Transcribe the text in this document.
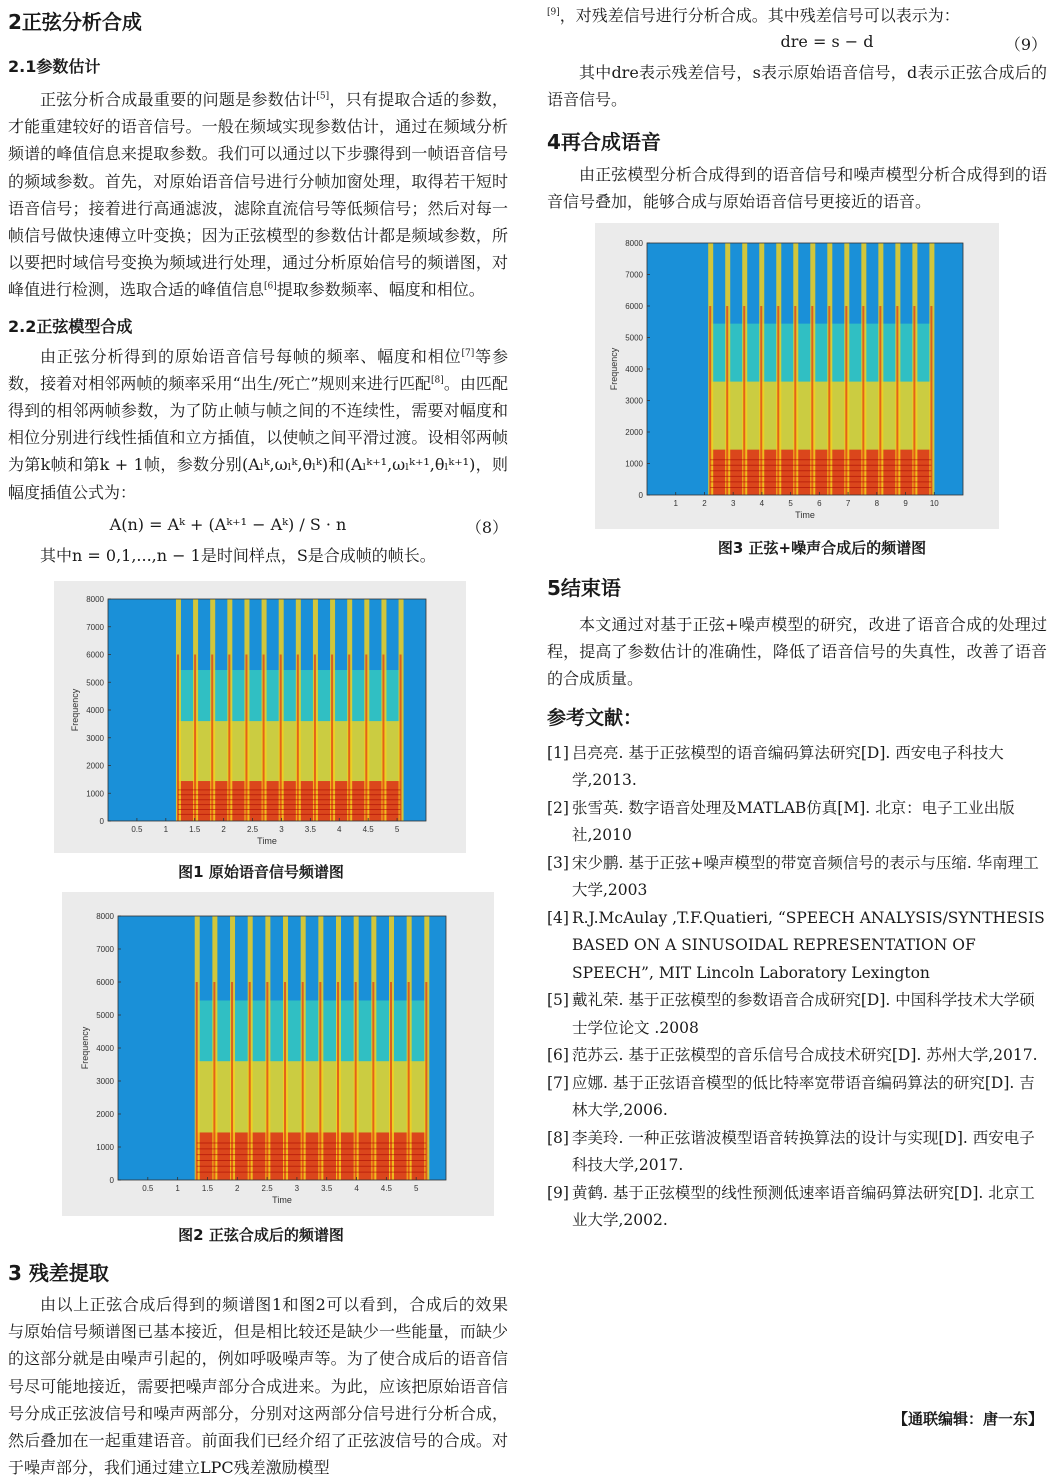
2正弦分析合成
2.1参数估计

正弦分析合成最重要的问题是参数估计[5]，只有提取合适的参数，才能重建较好的语音信号。一般在频域实现参数估计，通过在频域分析频谱的峰值信息来提取参数。我们可以通过以下步骤得到一帧语音信号的频域参数。首先，对原始语音信号进行分帧加窗处理，取得若干短时语音信号；接着进行高通滤波，滤除直流信号等低频信号；然后对每一帧信号做快速傅立叶变换；因为正弦模型的参数估计都是频域参数，所以要把时域信号变换为频域进行处理，通过分析原始信号的频谱图，对峰值进行检测，选取合适的峰值信息[6]提取参数频率、幅度和相位。

2.2正弦模型合成

由正弦分析得到的原始语音信号每帧的频率、幅度和相位[7]等参数，接着对相邻两帧的频率采用“出生/死亡”规则来进行匹配[8]。由匹配得到的相邻两帧参数，为了防止帧与帧之间的不连续性，需要对幅度和相位分别进行线性插值和立方插值，以使帧之间平滑过渡。设相邻两帧为第k帧和第k + 1帧，参数分别(Aₗᵏ,ωₗᵏ,θₗᵏ)和(Aₗᵏ⁺¹,ωₗᵏ⁺¹,θₗᵏ⁺¹)，则幅度插值公式为：

A(n) = Aᵏ + (Aᵏ⁺¹ − Aᵏ) / S · n	（8）

其中n = 0,1,...,n − 1是时间样点，S是合成帧的帧长。

0
1000
2000
3000
4000
5000
6000
7000
8000
0.5	1	1.5	2	2.5	3	3.5	4	4.5	5
Time
Frequency
图1 原始语音信号频谱图
0
1000
2000
3000
4000
5000
6000
7000
8000
0.5	1	1.5	2	2.5	3	3.5	4	4.5	5
Time
Frequency
图2 正弦合成后的频谱图
3 残差提取

由以上正弦合成后得到的频谱图1和图2可以看到，合成后的效果与原始信号频谱图已基本接近，但是相比较还是缺少一些能量，而缺少的这部分就是由噪声引起的，例如呼吸噪声等。为了使合成后的语音信号尽可能地接近，需要把噪声部分合成进来。为此，应该把原始语音信号分成正弦波信号和噪声两部分，分别对这两部分信号进行分析合成，然后叠加在一起重建语音。前面我们已经介绍了正弦波信号的合成。对于噪声部分，我们通过建立LPC残差激励模型

[9]，对残差信号进行分析合成。其中残差信号可以表示为：

dre = s − d	（9）

其中dre表示残差信号，s表示原始语音信号，d表示正弦合成后的语音信号。

4再合成语音

由正弦模型分析合成得到的语音信号和噪声模型分析合成得到的语音信号叠加，能够合成与原始语音信号更接近的语音。

0
1000
2000
3000
4000
5000
6000
7000
8000
1	2	3	4	5	6	7	8	9	10
Time
Frequency
图3 正弦+噪声合成后的频谱图
5结束语

本文通过对基于正弦+噪声模型的研究，改进了语音合成的处理过程，提高了参数估计的准确性，降低了语音信号的失真性，改善了语音的合成质量。

参考文献：

[1] 吕亮亮. 基于正弦模型的语音编码算法研究[D]. 西安电子科技大学,2013.

[2] 张雪英. 数字语音处理及MATLAB仿真[M]. 北京：电子工业出版社,2010

[3] 宋少鹏. 基于正弦+噪声模型的带宽音频信号的表示与压缩. 华南理工大学,2003

[4] R.J.McAulay ,T.F.Quatieri, “SPEECH ANALYSIS/SYNTHESIS BASED ON A SINUSOIDAL REPRESENTATION OF SPEECH”, MIT Lincoln Laboratory Lexington

[5] 戴礼荣. 基于正弦模型的参数语音合成研究[D]. 中国科学技术大学硕士学位论文 .2008

[6] 范苏云. 基于正弦模型的音乐信号合成技术研究[D]. 苏州大学,2017.

[7] 应娜. 基于正弦语音模型的低比特率宽带语音编码算法的研究[D]. 吉林大学,2006.

[8] 李美玲. 一种正弦谐波模型语音转换算法的设计与实现[D]. 西安电子科技大学,2017.

[9] 黄鹤. 基于正弦模型的线性预测低速率语音编码算法研究[D]. 北京工业大学,2002.

【通联编辑：唐一东】
